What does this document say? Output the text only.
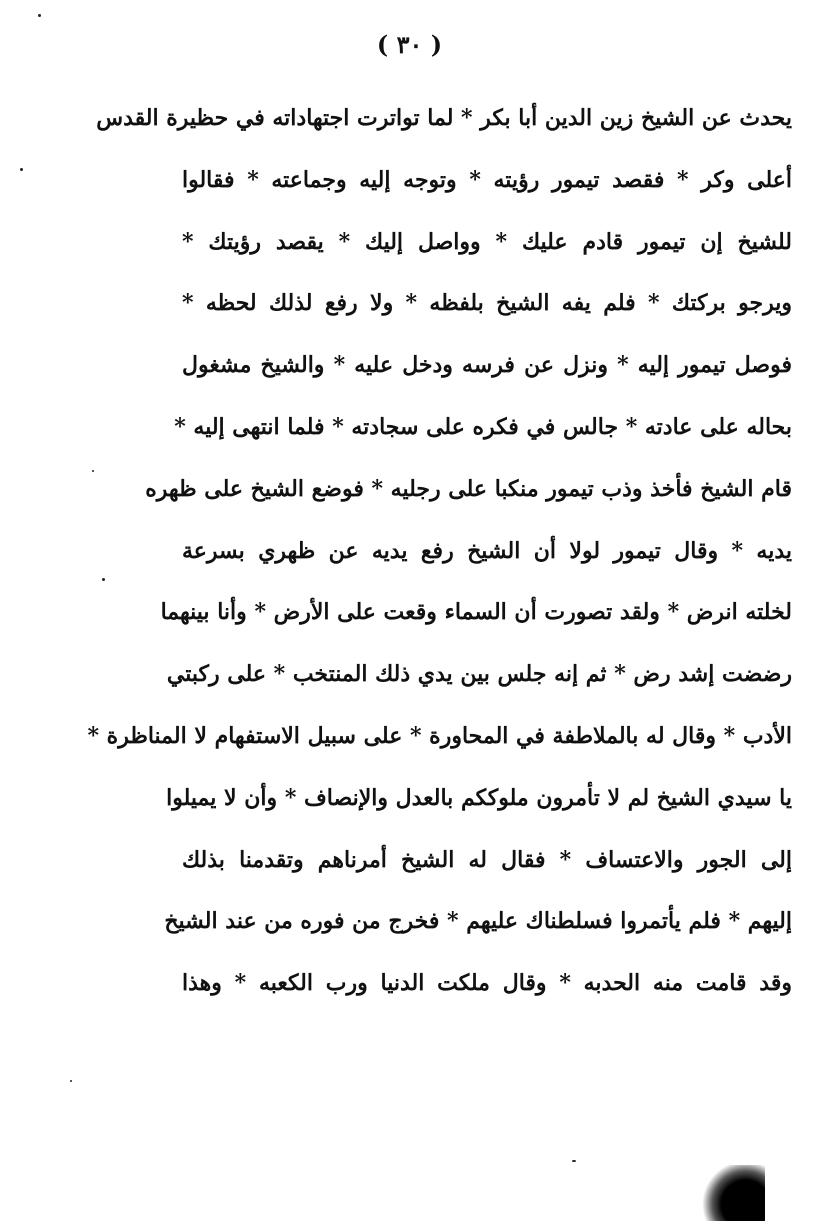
( ٣٠ )
يحدث عن الشيخ زين الدين أبا بكر * لما تواترت اجتهاداته في حظيرة القدس
أعلى وكر * فقصد تيمور رؤيته * وتوجه إليه وجماعته * فقالوا
للشيخ إن تيمور قادم عليك * وواصل إليك * يقصد رؤيتك *
ويرجو بركتك * فلم يفه الشيخ بلفظه * ولا رفع لذلك لحظه *
فوصل تيمور إليه * ونزل عن فرسه ودخل عليه * والشيخ مشغول
بحاله على عادته * جالس في فكره على سجادته * فلما انتهى إليه *
قام الشيخ فأخذ وذب تيمور منكبا على رجليه * فوضع الشيخ على ظهره
يديه * وقال تيمور لولا أن الشيخ رفع يديه عن ظهري بسرعة
لخلته انرض * ولقد تصورت أن السماء وقعت على الأرض * وأنا بينهما
رضضت إشد رض * ثم إنه جلس بين يدي ذلك المنتخب * على ركبتي
الأدب * وقال له بالملاطفة في المحاورة * على سبيل الاستفهام لا المناظرة *
يا سيدي الشيخ لم لا تأمرون ملوككم بالعدل والإنصاف * وأن لا يميلوا
إلى الجور والاعتساف * فقال له الشيخ أمرناهم وتقدمنا بذلك
إليهم * فلم يأتمروا فسلطناك عليهم * فخرج من فوره من عند الشيخ
وقد قامت منه الحدبه * وقال ملكت الدنيا ورب الكعبه * وهذا
